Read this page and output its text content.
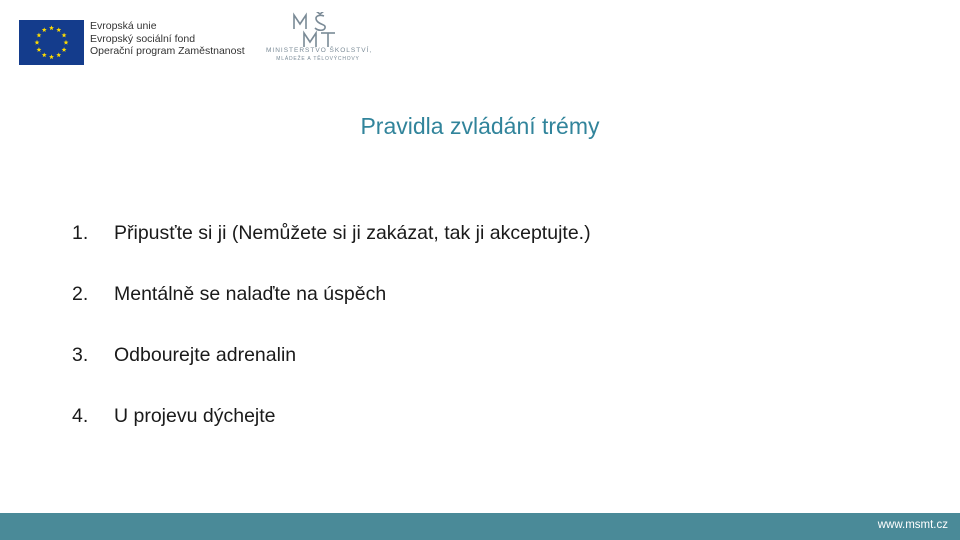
Evropská unie
Evropský sociální fond
Operační program Zaměstnanost
MŠMT
MINISTERSTVO ŠKOLSTVÍ,
MLÁDEŽE A TĚLOVÝCHOVY
Pravidla zvládání trémy
1. Připusťte si ji (Nemůžete si ji zakázat, tak ji akceptujte.)
2. Mentálně se nalaďte na úspěch
3. Odbourejte adrenalin
4. U projevu dýchejte
www.msmt.cz
